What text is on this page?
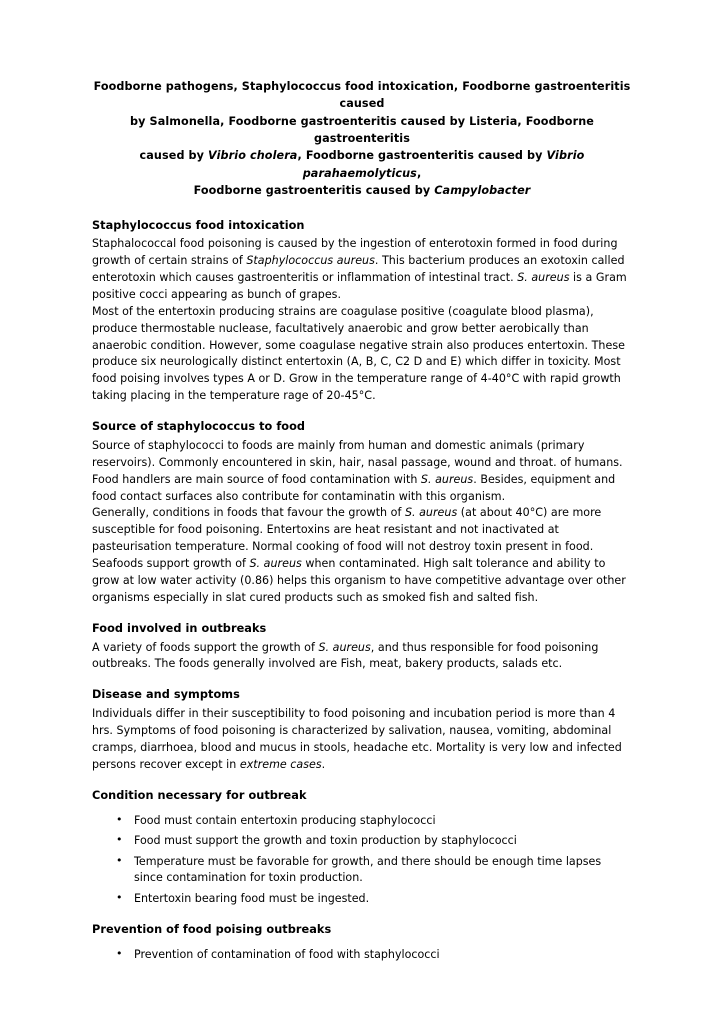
Foodborne pathogens, Staphylococcus food intoxication, Foodborne gastroenteritis caused
by Salmonella, Foodborne gastroenteritis caused by Listeria, Foodborne gastroenteritis
caused by Vibrio cholera, Foodborne gastroenteritis caused by Vibrio parahaemolyticus,
Foodborne gastroenteritis caused by Campylobacter
Staphylococcus food intoxication

Staphalococcal food poisoning is caused by the ingestion of enterotoxin formed in food during growth of certain strains of Staphylococcus aureus. This bacterium produces an exotoxin called enterotoxin which causes gastroenteritis or inflammation of intestinal tract. S. aureus is a Gram positive cocci appearing as bunch of grapes.

Most of the entertoxin producing strains are coagulase positive (coagulate blood plasma), produce thermostable nuclease, facultatively anaerobic and grow better aerobically than anaerobic condition. However, some coagulase negative strain also produces entertoxin. These produce six neurologically distinct entertoxin (A, B, C, C2 D and E) which differ in toxicity. Most food poising involves types A or D. Grow in the temperature range of 4-40°C with rapid growth taking placing in the temperature rage of 20-45°C.

Source of staphylococcus to food

Source of staphylococci to foods are mainly from human and domestic animals (primary reservoirs). Commonly encountered in skin, hair, nasal passage, wound and throat. of humans. Food handlers are main source of food contamination with S. aureus. Besides, equipment and food contact surfaces also contribute for contaminatin with this organism.

Generally, conditions in foods that favour the growth of S. aureus (at about 40°C) are more susceptible for food poisoning. Entertoxins are heat resistant and not inactivated at pasteurisation temperature. Normal cooking of food will not destroy toxin present in food. Seafoods support growth of S. aureus when contaminated. High salt tolerance and ability to grow at low water activity (0.86) helps this organism to have competitive advantage over other organisms especially in slat cured products such as smoked fish and salted fish.

Food involved in outbreaks

A variety of foods support the growth of S. aureus, and thus responsible for food poisoning outbreaks. The foods generally involved are Fish, meat, bakery products, salads etc.

Disease and symptoms

Individuals differ in their susceptibility to food poisoning and incubation period is more than 4 hrs. Symptoms of food poisoning is characterized by salivation, nausea, vomiting, abdominal cramps, diarrhoea, blood and mucus in stools, headache etc. Mortality is very low and infected persons recover except in extreme cases.

Condition necessary for outbreak
• Food must contain entertoxin producing staphylococci
• Food must support the growth and toxin production by staphylococci
• Temperature must be favorable for growth, and there should be enough time lapses since contamination for toxin production.
• Entertoxin bearing food must be ingested.
Prevention of food poising outbreaks
• Prevention of contamination of food with staphylococci
